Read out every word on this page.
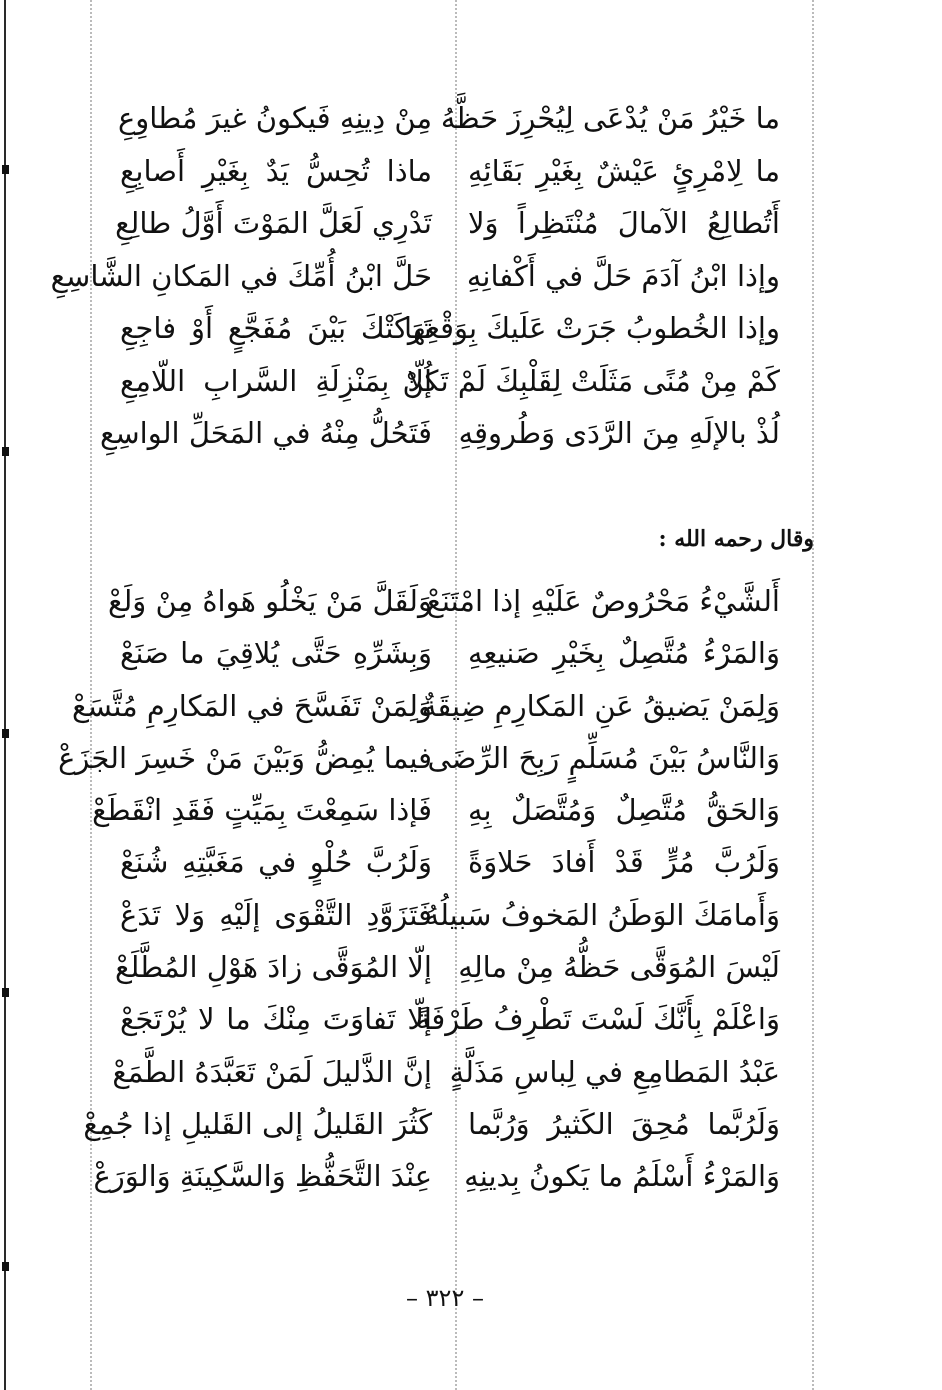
ما خَيْرُ مَنْ يُدْعَى لِيُحْرِزَ حَظَّهُ
مِنْ دِينِهِ فَيكونُ غيرَ مُطاوِعِ
ما لِامْرِئٍ عَيْشٌ بِغَيْرِ بَقَائِهِ
ماذا تُحِسُّ يَدٌ بِغَيْرِ أَصابِعِ
أَتُطالِعُ الآمالَ مُنْتَظِراً وَلا
تَدْرِي لَعَلَّ المَوْتَ أَوَّلُ طالِعِ
وإذا ابْنُ آدَمَ حَلَّ في أَكْفانِهِ
حَلَّ ابْنُ أُمِّكَ في المَكانِ الشَّاسِعِ
وإذا الخُطوبُ جَرَتْ عَلَيكَ بِوَقْعِها
تَرَكَتْكَ بَيْنَ مُفَجَّعٍ أَوْ فاجِعِ
كَمْ مِنْ مُنًى مَثَلَتْ لِقَلْبِكَ لَمْ تَكُنْ
إلّا بِمَنْزِلَةِ السَّرابِ اللّامِعِ
لُذْ بالإلَهِ مِنَ الرَّدَى وَطُروقِهِ
فَتَحُلُّ مِنْهُ في المَحَلِّ الواسِعِ
وقال رحمه الله :
أَلشَّيْءُ مَحْرُوصٌ عَلَيْهِ إذا امْتَنَعْ
وَلَقَلَّ مَنْ يَخْلُو هَواهُ مِنْ وَلَعْ
وَالمَرْءُ مُتَّصِلٌ بِخَيْرِ صَنيعِهِ
وَبِشَرِّهِ حَتَّى يُلاقِيَ ما صَنَعْ
وَلِمَنْ يَضيقُ عَنِ المَكارِمِ ضِيقَةٌ
وَلِمَنْ تَفَسَّحَ في المَكارِمِ مُتَّسَعْ
وَالنَّاسُ بَيْنَ مُسَلِّمٍ رَبِحَ الرِّضَى
فيما يُمِضُّ وَبَيْنَ مَنْ خَسِرَ الجَزَعْ
وَالحَقُّ مُتَّصِلٌ وَمُتَّصَلٌ بِهِ
فَإذا سَمِعْتَ بِمَيِّتٍ فَقَدِ انْقَطَعْ
وَلَرُبَّ مُرٍّ قَدْ أَفادَ حَلاوَةً
وَلَرُبَّ حُلْوٍ في مَغَبَّتِهِ شُنَعْ
وَأَمامَكَ الوَطَنُ المَخوفُ سَبيلُهُ
فَتَزَوَّدِ التَّقْوَى إلَيْهِ وَلا تَدَعْ
لَيْسَ المُوَقَّى حَظُّهُ مِنْ مالِهِ
إلّا المُوَقَّى زادَ هَوْلِ المُطَّلَعْ
وَاعْلَمْ بِأَنَّكَ لَسْتَ تَطْرِفُ طَرْفَةً
إلّا تَفاوَتَ مِنْكَ ما لا يُرْتَجَعْ
عَبْدُ المَطامِعِ في لِباسِ مَذَلَّةٍ
إنَّ الذَّليلَ لَمَنْ تَعَبَّدَهُ الطَّمَعْ
وَلَرُبَّما مُحِقَ الكَثيرُ وَرُبَّما
كَثُرَ القَليلُ إلى القَليلِ إذا جُمِعْ
وَالمَرْءُ أَسْلَمُ ما يَكونُ بِدينِهِ
عِنْدَ التَّحَفُّظِ وَالسَّكِينَةِ وَالوَرَعْ
– ٣٢٢ –
